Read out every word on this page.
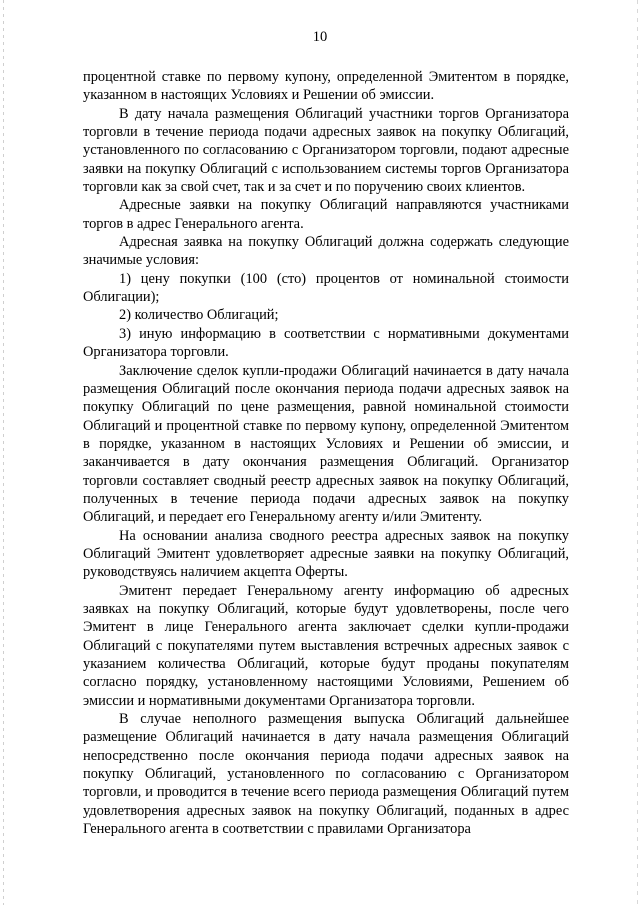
10

процентной ставке по первому купону, определенной Эмитентом в порядке, указанном в настоящих Условиях и Решении об эмиссии.

В дату начала размещения Облигаций участники торгов Организатора торговли в течение периода подачи адресных заявок на покупку Облигаций, установленного по согласованию с Организатором торговли, подают адресные заявки на покупку Облигаций с использованием системы торгов Организатора торговли как за свой счет, так и за счет и по поручению своих клиентов.

Адресные заявки на покупку Облигаций направляются участниками торгов в адрес Генерального агента.

Адресная заявка на покупку Облигаций должна содержать следующие значимые условия:

1) цену покупки (100 (сто) процентов от номинальной стоимости Облигации);

2) количество Облигаций;

3) иную информацию в соответствии с нормативными документами Организатора торговли.

Заключение сделок купли-продажи Облигаций начинается в дату начала размещения Облигаций после окончания периода подачи адресных заявок на покупку Облигаций по цене размещения, равной номинальной стоимости Облигаций и процентной ставке по первому купону, определенной Эмитентом в порядке, указанном в настоящих Условиях и Решении об эмиссии, и заканчивается в дату окончания размещения Облигаций. Организатор торговли составляет сводный реестр адресных заявок на покупку Облигаций, полученных в течение периода подачи адресных заявок на покупку Облигаций, и передает его Генеральному агенту и/или Эмитенту.

На основании анализа сводного реестра адресных заявок на покупку Облигаций Эмитент удовлетворяет адресные заявки на покупку Облигаций, руководствуясь наличием акцепта Оферты.

Эмитент передает Генеральному агенту информацию об адресных заявках на покупку Облигаций, которые будут удовлетворены, после чего Эмитент в лице Генерального агента заключает сделки купли-продажи Облигаций с покупателями путем выставления встречных адресных заявок с указанием количества Облигаций, которые будут проданы покупателям согласно порядку, установленному настоящими Условиями, Решением об эмиссии и нормативными документами Организатора торговли.

В случае неполного размещения выпуска Облигаций дальнейшее размещение Облигаций начинается в дату начала размещения Облигаций непосредственно после окончания периода подачи адресных заявок на покупку Облигаций, установленного по согласованию с Организатором торговли, и проводится в течение всего периода размещения Облигаций путем удовлетворения адресных заявок на покупку Облигаций, поданных в адрес Генерального агента в соответствии с правилами Организатора
